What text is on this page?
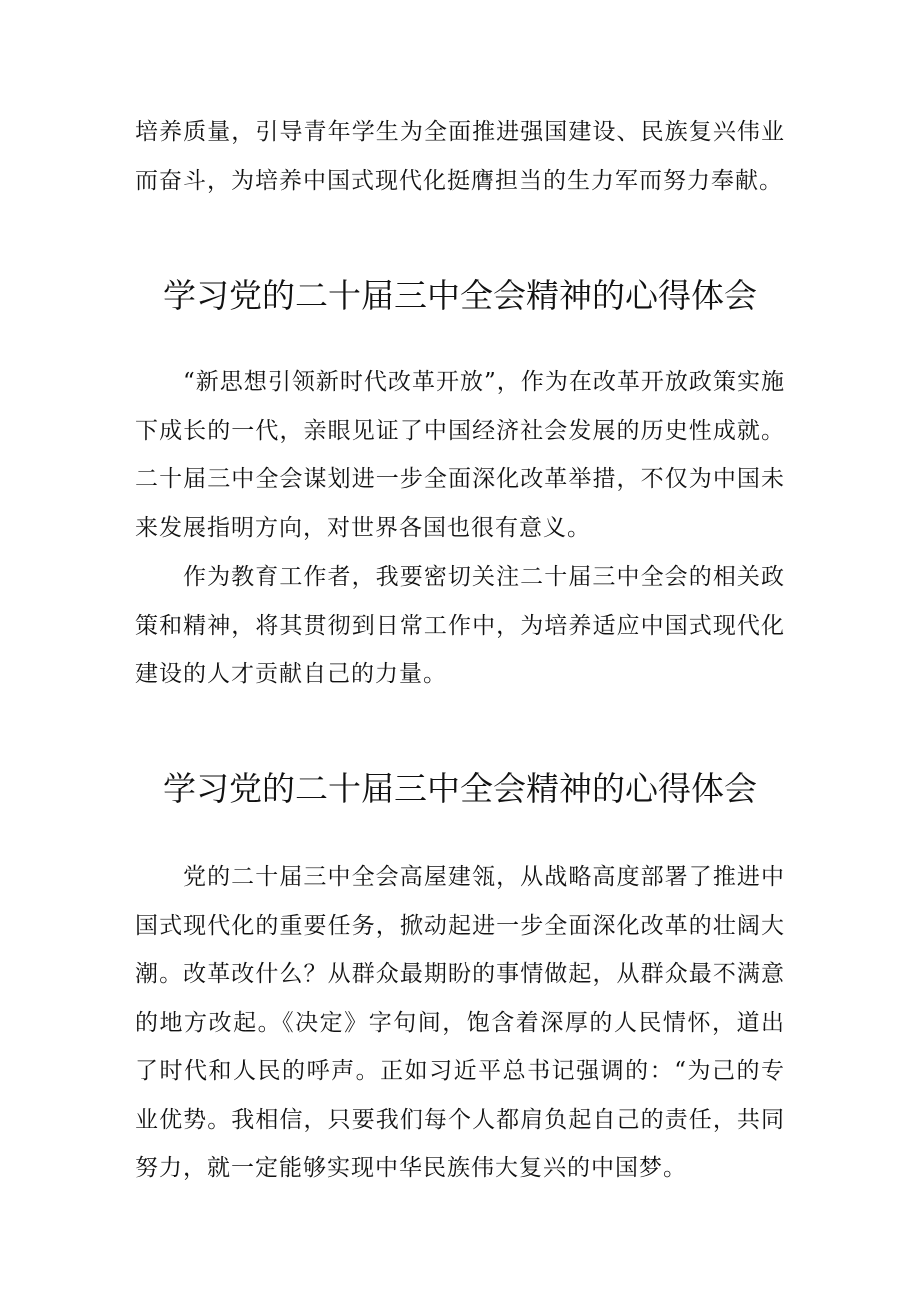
培养质量，引导青年学生为全面推进强国建设、民族复兴伟业而奋斗，为培养中国式现代化挺膺担当的生力军而努力奉献。

学习党的二十届三中全会精神的心得体会

“新思想引领新时代改革开放”，作为在改革开放政策实施下成长的一代，亲眼见证了中国经济社会发展的历史性成就。二十届三中全会谋划进一步全面深化改革举措，不仅为中国未来发展指明方向，对世界各国也很有意义。

作为教育工作者，我要密切关注二十届三中全会的相关政策和精神，将其贯彻到日常工作中，为培养适应中国式现代化建设的人才贡献自己的力量。

学习党的二十届三中全会精神的心得体会

党的二十届三中全会高屋建瓴，从战略高度部署了推进中国式现代化的重要任务，掀动起进一步全面深化改革的壮阔大潮。改革改什么？从群众最期盼的事情做起，从群众最不满意的地方改起。《决定》字句间，饱含着深厚的人民情怀，道出了时代和人民的呼声。正如习近平总书记强调的：“为己的专业优势。我相信，只要我们每个人都肩负起自己的责任，共同努力，就一定能够实现中华民族伟大复兴的中国梦。
